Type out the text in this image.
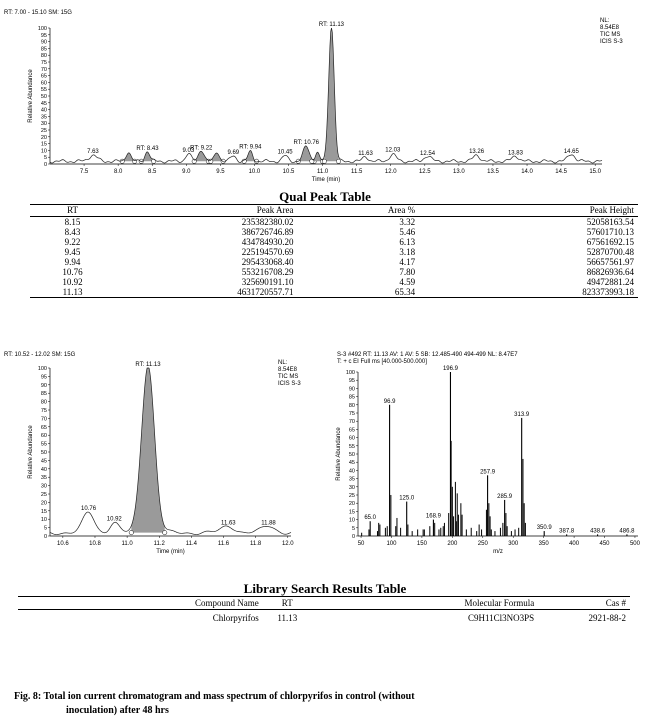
RT: 7.00 - 15.10 SM: 15G
NL:
8.54E8
TIC MS
ICIS S-3
0
5
10
15
20
25
30
35
40
45
50
55
60
65
70
75
80
85
90
95
100
7.5	8.0	8.5	9.0	9.5	10.0	10.5	11.0	11.5	12.0	12.5	13.0	13.5	14.0	14.5	15.0
Time (min)
Relative Abundance
7.63
RT: 8.43	9.03
RT: 9.22
9.69
RT: 9.94
10.45
RT: 10.76
RT: 11.13
11.63
12.03
12.54	13.26	13.83	14.65
Qual Peak Table
RT	Peak Area	Area %	Peak Height
8.15	235382380.02	3.32	52058163.54
8.43	386726746.89	5.46	57601710.13
9.22	434784930.20	6.13	67561692.15
9.45	225194570.69	3.18	52870700.48
9.94	295433068.40	4.17	56657561.97
10.76	553216708.29	7.80	86826936.64
10.92	325690191.10	4.59	49472881.24
11.13	4631720557.71	65.34	823373993.18
RT: 10.52 - 12.02 SM: 15G
NL:
8.54E8
TIC MS
ICIS S-3
0
5
10
15
20
25
30
35
40
45
50
55
60
65
70
75
80
85
90
95
100
10.6	10.8	11.0	11.2	11.4	11.6	11.8	12.0
Time (min)
Relative Abundance
10.76
10.92
RT: 11.13
11.63	11.88
S-3 #492 RT: 11.13 AV: 1 AV: 5 SB: 12.485-490 494-499 NL: 8.47E7
T: + c EI Full ms [40.000-500.000]
0
5
10
15
20
25
30
35
40
45
50
55
60
65
70
75
80
85
90
95
100
50	100	150	200	250	300	350	400	450	500
m/z
Relative Abundance
65.0
96.9
125.0
168.9
196.9
257.9
285.9
313.9
350.9
387.8	438.6 486.8
Library Search Results Table
Compound Name	RT	Molecular Formula	Cas #
Chlorpyrifos	11.13	C9H11Cl3NO3PS	2921-88-2
Fig. 8: Total ion current chromatogram and mass spectrum of chlorpyrifos in control (without
inoculation) after 48 hrs
